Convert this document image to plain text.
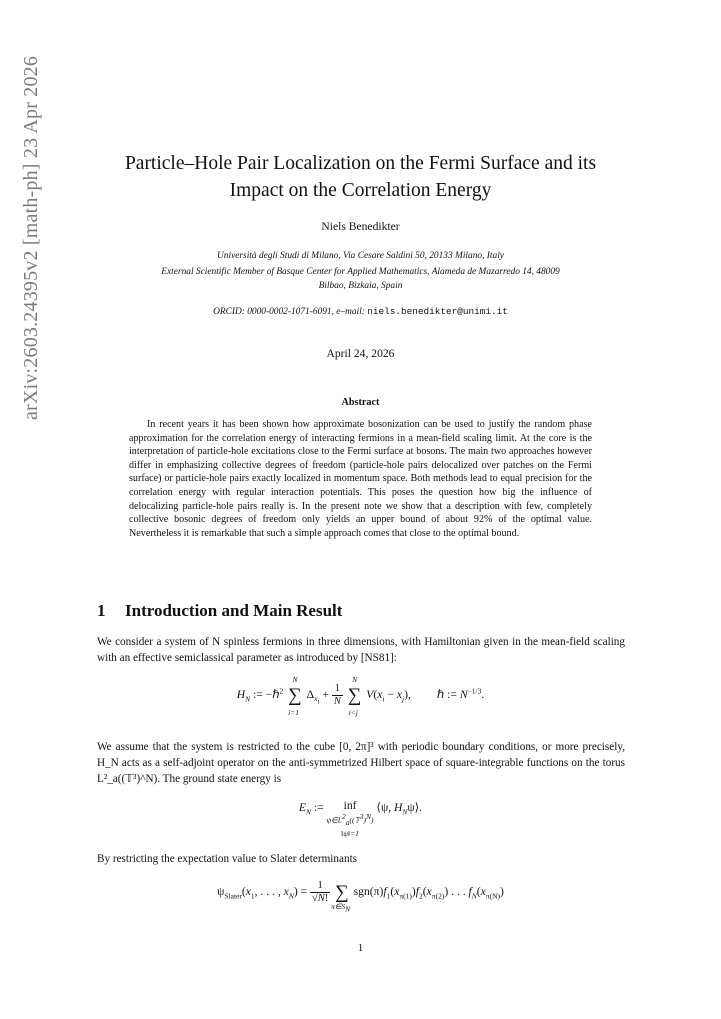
arXiv:2603.24395v2 [math-ph] 23 Apr 2026	Particle–Hole Pair Localization on the Fermi Surface and its
Impact on the Correlation Energy
Niels Benedikter
Università degli Studi di Milano, Via Cesare Saldini 50, 20133 Milano, Italy
External Scientific Member of Basque Center for Applied Mathematics, Alameda de Mazarredo 14, 48009
Bilbao, Bizkaia, Spain
ORCID: 0000-0002-1071-6091, e–mail: niels.benedikter@unimi.it
April 24, 2026
Abstract
In recent years it has been shown how approximate bosonization can be used to justify the random phase approximation for the correlation energy of interacting fermions in a mean-field scaling limit. At the core is the interpretation of particle-hole excitations close to the Fermi surface at bosons. The main two approaches however differ in emphasizing collective degrees of freedom (particle-hole pairs delocalized over patches on the Fermi surface) or particle-hole pairs exactly localized in momentum space. Both methods lead to equal precision for the correlation energy with regular interaction potentials. This poses the question how big the influence of delocalizing particle-hole pairs really is. In the present note we show that a description with few, completely collective bosonic degrees of freedom only yields an upper bound of about 92% of the optimal value. Nevertheless it is remarkable that such a simple approach comes that close to the optimal bound.
1 Introduction and Main Result
We consider a system of N spinless fermions in three dimensions, with Hamiltonian given in the mean-field scaling with an effective semiclassical parameter as introduced by [NS81]:
$H_N$ := −ℏ$^2$ ∑
N
i=1
$\Delta_{x_i} + \frac{1}{N}$ ∑
N
i<j
$V(x_i - x_j)$,         ℏ := $N^{-1/3}$.
We assume that the system is restricted to the cube [0, 2π]³ with periodic boundary conditions, or more precisely, H_N acts as a self-adjoint operator on the anti-symmetrized Hilbert space of square-integrable functions on the torus L²_a((𝕋³)^N). The ground state energy is
$E_N$ :=	inf
$\psi\in L^2_a((𝕋^3)^N)$
‖ψ‖=1
⟨ψ, $H_N\psi⟩$.
By restricting the expectation value to Slater determinants
$\psi_{Slater}(x_1$, . . . , $x_N) = \frac{1}{√N!}$ ∑
$\pi\in S_N$
$sgn(\pi)f_1(x_{\pi(1)})f_2(x_{\pi(2)})$ . . . $f_N(x_{\pi(N)})$
1
